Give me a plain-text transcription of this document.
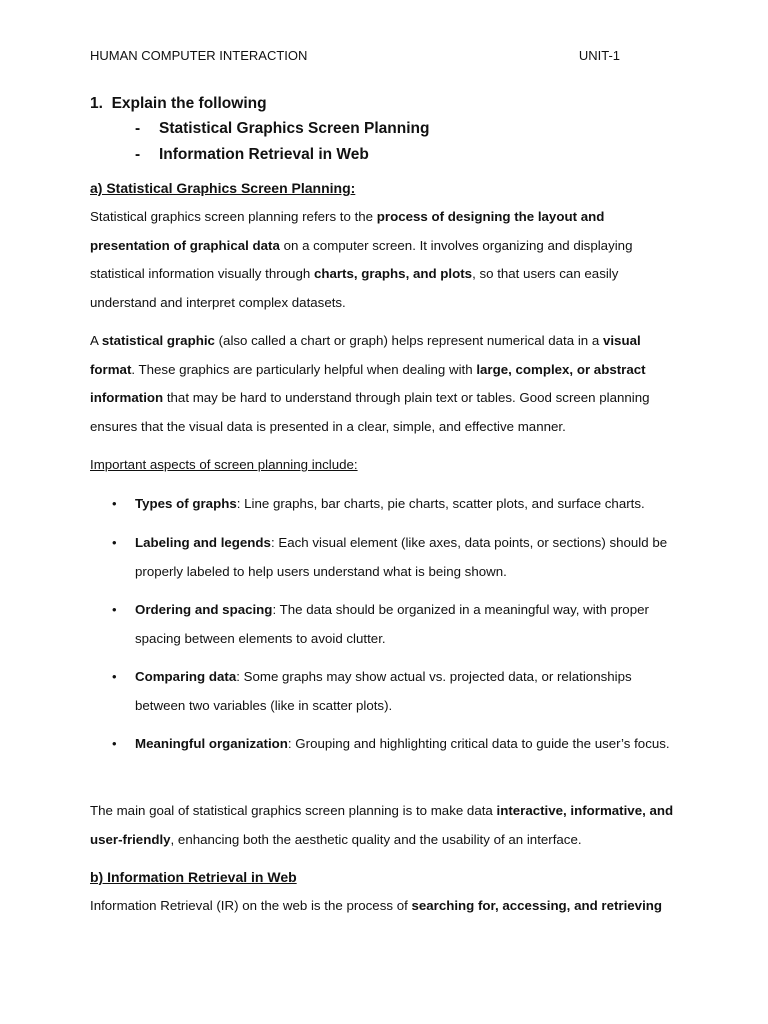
HUMAN COMPUTER INTERACTION	UNIT-1
1. Explain the following
- Statistical Graphics Screen Planning
- Information Retrieval in Web
a) Statistical Graphics Screen Planning:
Statistical graphics screen planning refers to the process of designing the layout and presentation of graphical data on a computer screen. It involves organizing and displaying statistical information visually through charts, graphs, and plots, so that users can easily understand and interpret complex datasets.
A statistical graphic (also called a chart or graph) helps represent numerical data in a visual format. These graphics are particularly helpful when dealing with large, complex, or abstract information that may be hard to understand through plain text or tables. Good screen planning ensures that the visual data is presented in a clear, simple, and effective manner.
Important aspects of screen planning include:
• Types of graphs: Line graphs, bar charts, pie charts, scatter plots, and surface charts.
• Labeling and legends: Each visual element (like axes, data points, or sections) should be properly labeled to help users understand what is being shown.
• Ordering and spacing: The data should be organized in a meaningful way, with proper spacing between elements to avoid clutter.
• Comparing data: Some graphs may show actual vs. projected data, or relationships between two variables (like in scatter plots).
• Meaningful organization: Grouping and highlighting critical data to guide the user’s focus.
The main goal of statistical graphics screen planning is to make data interactive, informative, and user-friendly, enhancing both the aesthetic quality and the usability of an interface.
b) Information Retrieval in Web
Information Retrieval (IR) on the web is the process of searching for, accessing, and retrieving
